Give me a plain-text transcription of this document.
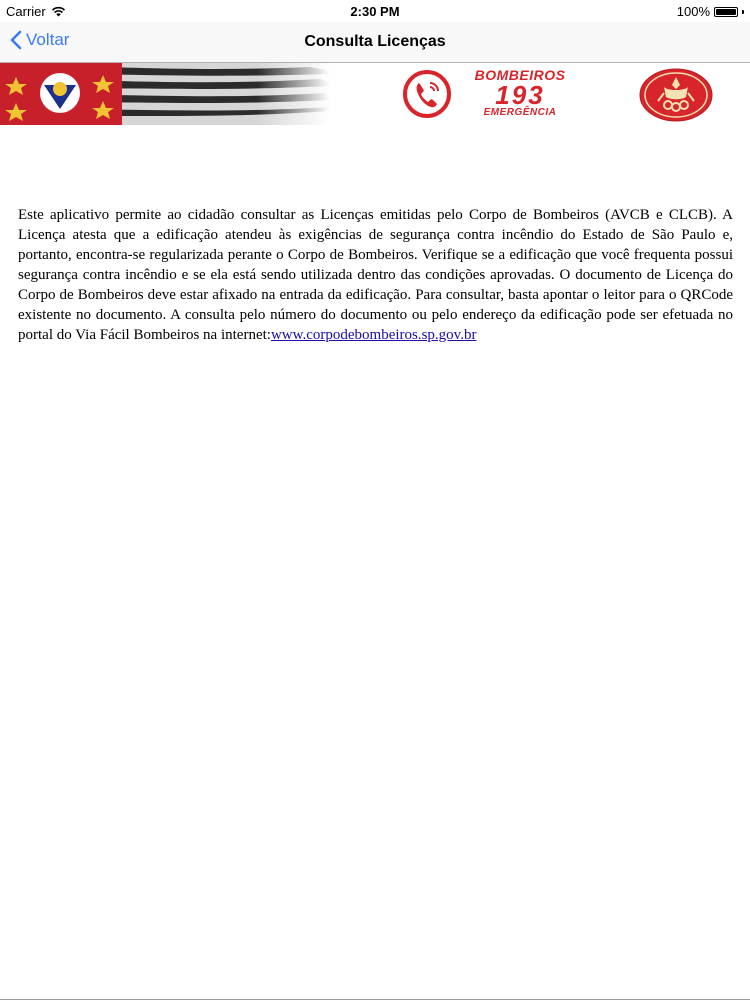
Carrier	2:30 PM	100%
Voltar	Consulta Licenças
BOMBEIROS
193
EMERGÊNCIA
Este aplicativo permite ao cidadão consultar as Licenças emitidas pelo Corpo de Bombeiros (AVCB e CLCB). A Licença atesta que a edificação atendeu às exigências de segurança contra incêndio do Estado de São Paulo e, portanto, encontra-se regularizada perante o Corpo de Bombeiros. Verifique se a edificação que você frequenta possui segurança contra incêndio e se ela está sendo utilizada dentro das condições aprovadas. O documento de Licença do Corpo de Bombeiros deve estar afixado na entrada da edificação. Para consultar, basta apontar o leitor para o QRCode existente no documento. A consulta pelo número do documento ou pelo endereço da edificação pode ser efetuada no portal do Via Fácil Bombeiros na internet:www.corpodebombeiros.sp.gov.br
